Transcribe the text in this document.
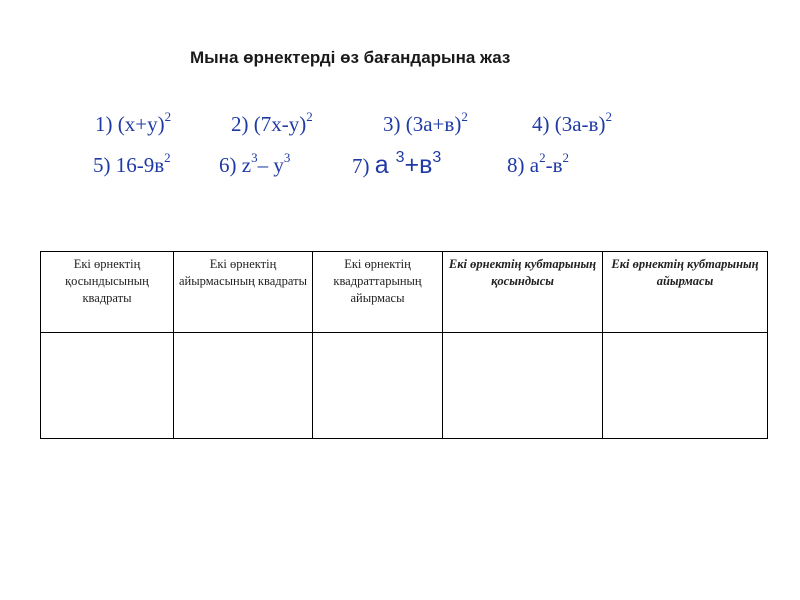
Мына өрнектерді өз бағандарына жаз
1) $(х+у)^2$	2) $(7х-у)^2$	3) $(3а+в)^2$	4) $(3а-в)^2$
5) $16-9в^2$ 6) $z^3-$ $у^3$	7) а $^3+в^3$	8) $а^2-в^2$
Екі өрнектің қосындысының квадраты	Екі өрнектің айырмасының квадраты	Екі өрнектің квадраттарының айырмасы	Екі өрнектің кубтарының қосындысы	Екі өрнектің кубтарының айырмасы
